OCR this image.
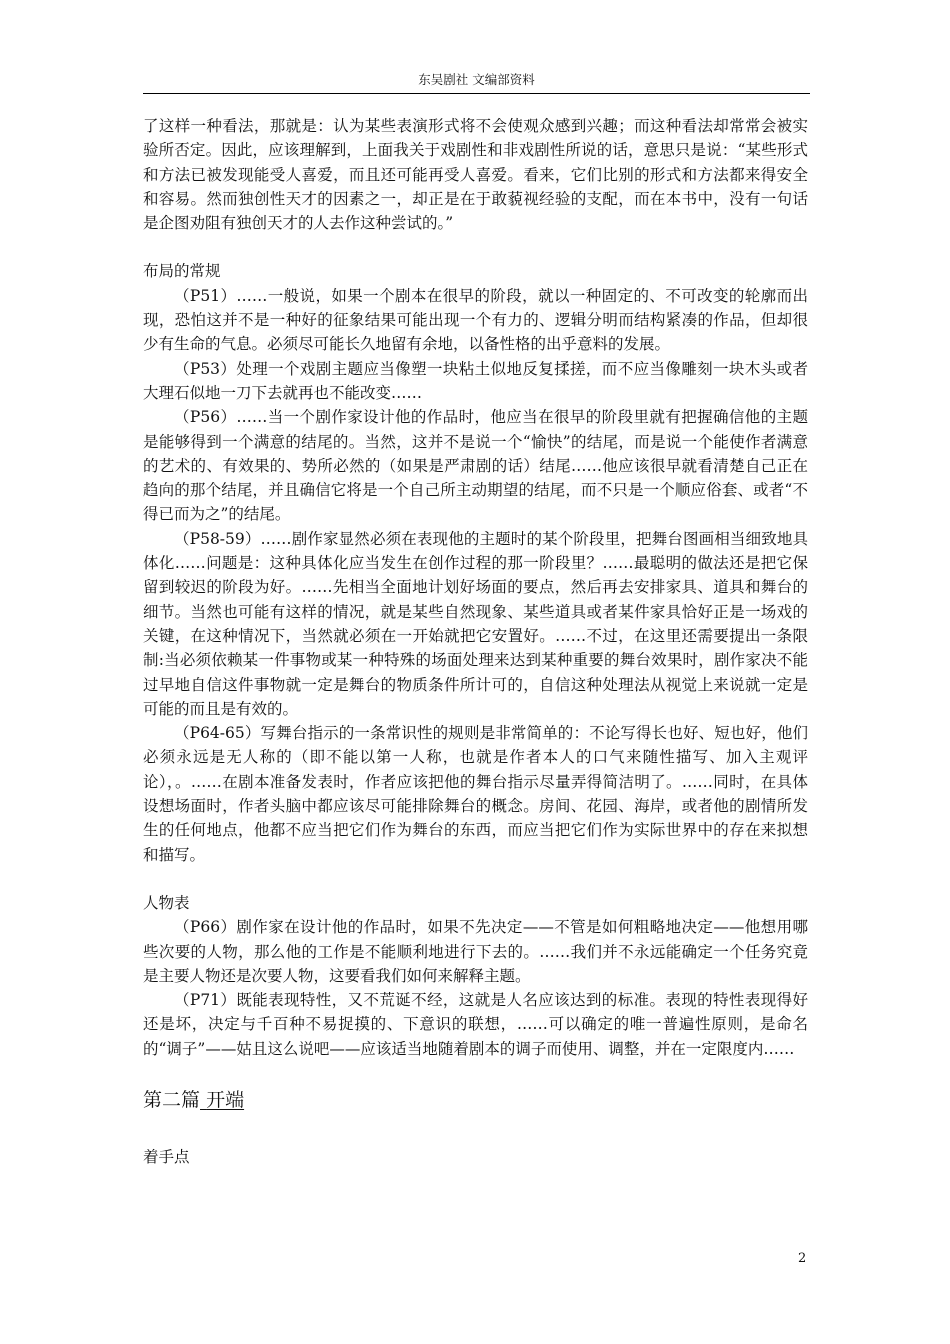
东吴剧社 文编部资料

了这样一种看法，那就是：认为某些表演形式将不会使观众感到兴趣；而这种看法却常常会被实验所否定。因此，应该理解到，上面我关于戏剧性和非戏剧性所说的话，意思只是说：“某些形式和方法已被发现能受人喜爱，而且还可能再受人喜爱。看来，它们比别的形式和方法都来得安全和容易。然而独创性天才的因素之一，却正是在于敢藐视经验的支配，而在本书中，没有一句话是企图劝阻有独创天才的人去作这种尝试的。”

布局的常规

（P51）……一般说，如果一个剧本在很早的阶段，就以一种固定的、不可改变的轮廓而出现，恐怕这并不是一种好的征象结果可能出现一个有力的、逻辑分明而结构紧凑的作品，但却很少有生命的气息。必须尽可能长久地留有余地，以备性格的出乎意料的发展。

（P53）处理一个戏剧主题应当像塑一块粘土似地反复揉搓，而不应当像雕刻一块木头或者大理石似地一刀下去就再也不能改变……

（P56）……当一个剧作家设计他的作品时，他应当在很早的阶段里就有把握确信他的主题是能够得到一个满意的结尾的。当然，这并不是说一个“愉快”的结尾，而是说一个能使作者满意的艺术的、有效果的、势所必然的（如果是严肃剧的话）结尾……他应该很早就看清楚自己正在趋向的那个结尾，并且确信它将是一个自己所主动期望的结尾，而不只是一个顺应俗套、或者“不得已而为之”的结尾。

（P58-59）……剧作家显然必须在表现他的主题时的某个阶段里，把舞台图画相当细致地具体化……问题是：这种具体化应当发生在创作过程的那一阶段里？……最聪明的做法还是把它保留到较迟的阶段为好。……先相当全面地计划好场面的要点，然后再去安排家具、道具和舞台的细节。当然也可能有这样的情况，就是某些自然现象、某些道具或者某件家具恰好正是一场戏的关键，在这种情况下，当然就必须在一开始就把它安置好。……不过，在这里还需要提出一条限制:当必须依赖某一件事物或某一种特殊的场面处理来达到某种重要的舞台效果时，剧作家决不能过早地自信这件事物就一定是舞台的物质条件所计可的，自信这种处理法从视觉上来说就一定是可能的而且是有效的。

（P64-65）写舞台指示的一条常识性的规则是非常简单的：不论写得长也好、短也好，他们必须永远是无人称的（即不能以第一人称，也就是作者本人的口气来随性描写、加入主观评论），。……在剧本准备发表时，作者应该把他的舞台指示尽量弄得简洁明了。……同时，在具体设想场面时，作者头脑中都应该尽可能排除舞台的概念。房间、花园、海岸，或者他的剧情所发生的任何地点，他都不应当把它们作为舞台的东西，而应当把它们作为实际世界中的存在来拟想和描写。

人物表

（P66）剧作家在设计他的作品时，如果不先决定——不管是如何粗略地决定——他想用哪些次要的人物，那么他的工作是不能顺利地进行下去的。……我们并不永远能确定一个任务究竟是主要人物还是次要人物，这要看我们如何来解释主题。

（P71）既能表现特性，又不荒诞不经，这就是人名应该达到的标准。表现的特性表现得好还是坏，决定与千百种不易捉摸的、下意识的联想，……可以确定的唯一普遍性原则，是命名的“调子”——姑且这么说吧——应该适当地随着剧本的调子而使用、调整，并在一定限度内……

第二篇 开端

着手点

2
